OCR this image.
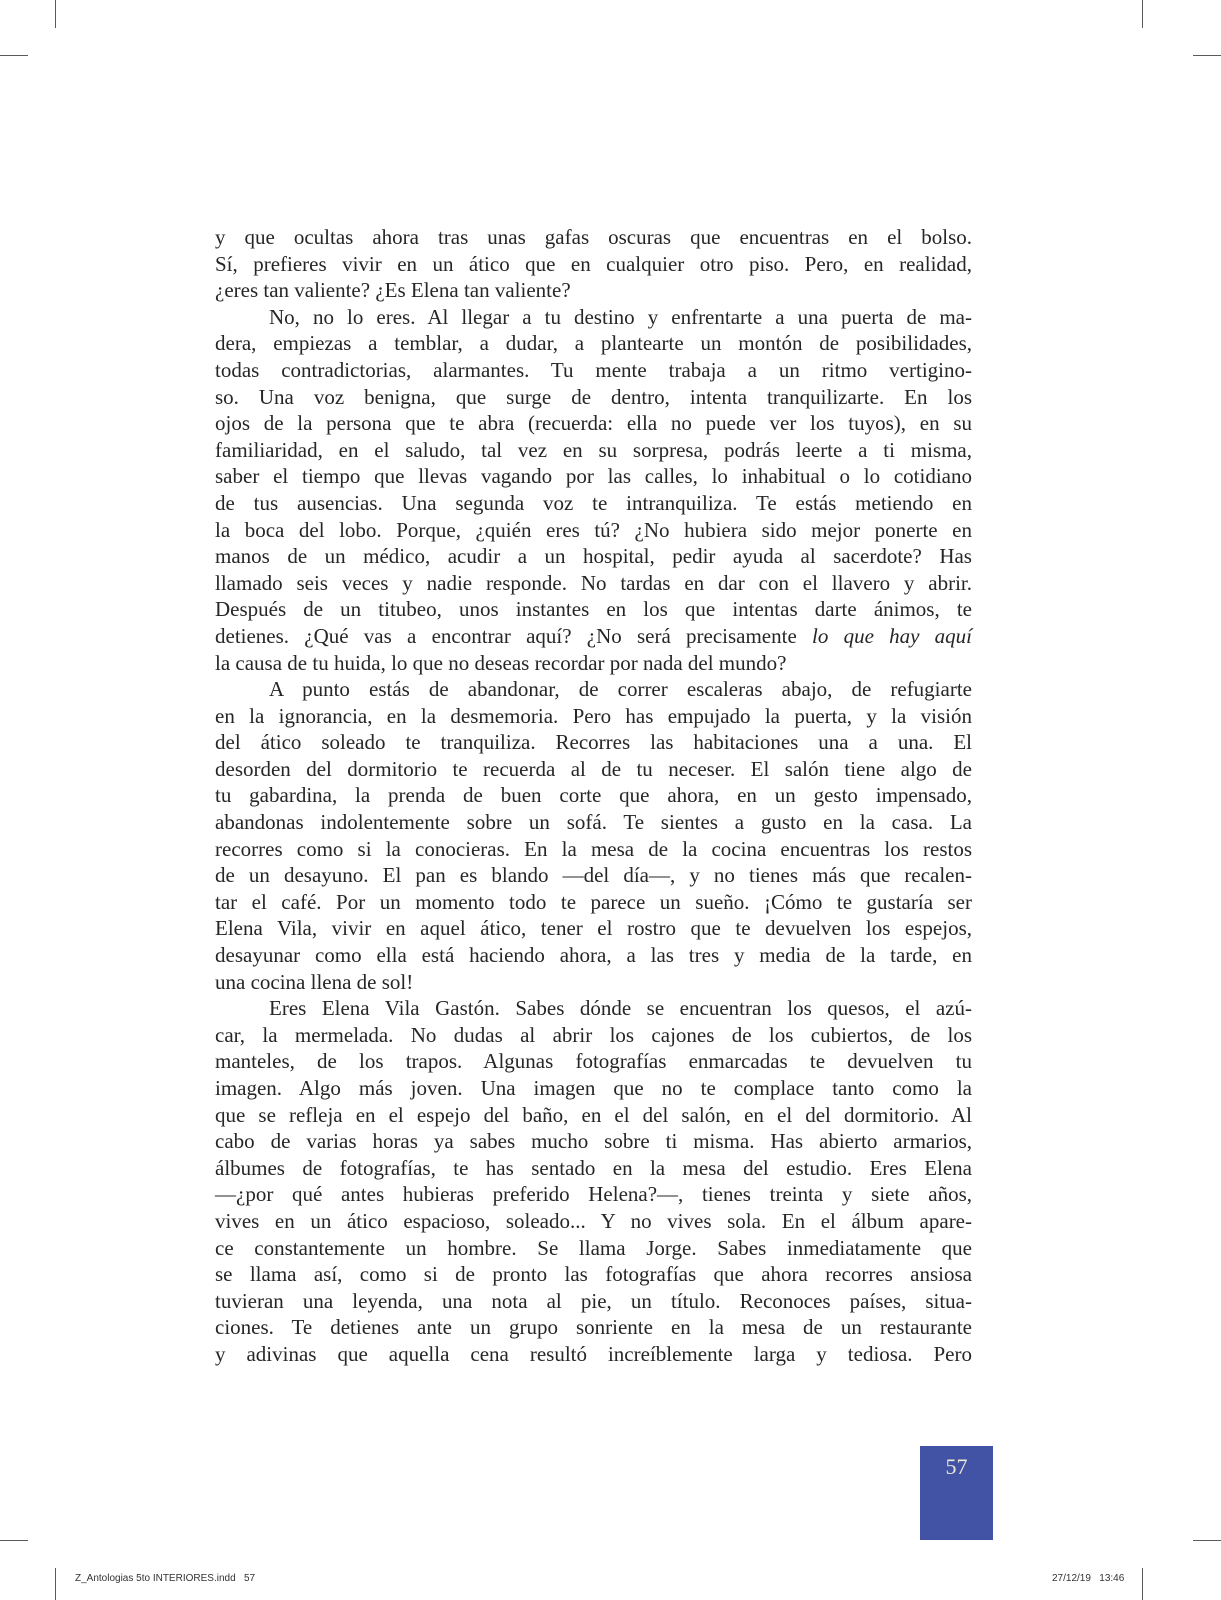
y que ocultas ahora tras unas gafas oscuras que encuentras en el bolso.
Sí, prefieres vivir en un ático que en cualquier otro piso. Pero, en realidad,
¿eres tan valiente? ¿Es Elena tan valiente?
No, no lo eres. Al llegar a tu destino y enfrentarte a una puerta de ma-
dera, empiezas a temblar, a dudar, a plantearte un montón de posibilidades,
todas contradictorias, alarmantes. Tu mente trabaja a un ritmo vertigino-
so. Una voz benigna, que surge de dentro, intenta tranquilizarte. En los
ojos de la persona que te abra (recuerda: ella no puede ver los tuyos), en su
familiaridad, en el saludo, tal vez en su sorpresa, podrás leerte a ti misma,
saber el tiempo que llevas vagando por las calles, lo inhabitual o lo cotidiano
de tus ausencias. Una segunda voz te intranquiliza. Te estás metiendo en
la boca del lobo. Porque, ¿quién eres tú? ¿No hubiera sido mejor ponerte en
manos de un médico, acudir a un hospital, pedir ayuda al sacerdote? Has
llamado seis veces y nadie responde. No tardas en dar con el llavero y abrir.
Después de un titubeo, unos instantes en los que intentas darte ánimos, te
detienes. ¿Qué vas a encontrar aquí? ¿No será precisamente lo que hay aquí
la causa de tu huida, lo que no deseas recordar por nada del mundo?
A punto estás de abandonar, de correr escaleras abajo, de refugiarte
en la ignorancia, en la desmemoria. Pero has empujado la puerta, y la visión
del ático soleado te tranquiliza. Recorres las habitaciones una a una. El
desorden del dormitorio te recuerda al de tu neceser. El salón tiene algo de
tu gabardina, la prenda de buen corte que ahora, en un gesto impensado,
abandonas indolentemente sobre un sofá. Te sientes a gusto en la casa. La
recorres como si la conocieras. En la mesa de la cocina encuentras los restos
de un desayuno. El pan es blando —del día—, y no tienes más que recalen-
tar el café. Por un momento todo te parece un sueño. ¡Cómo te gustaría ser
Elena Vila, vivir en aquel ático, tener el rostro que te devuelven los espejos,
desayunar como ella está haciendo ahora, a las tres y media de la tarde, en
una cocina llena de sol!
Eres Elena Vila Gastón. Sabes dónde se encuentran los quesos, el azú-
car, la mermelada. No dudas al abrir los cajones de los cubiertos, de los
manteles, de los trapos. Algunas fotografías enmarcadas te devuelven tu
imagen. Algo más joven. Una imagen que no te complace tanto como la
que se refleja en el espejo del baño, en el del salón, en el del dormitorio. Al
cabo de varias horas ya sabes mucho sobre ti misma. Has abierto armarios,
álbumes de fotografías, te has sentado en la mesa del estudio. Eres Elena
—¿por qué antes hubieras preferido Helena?—, tienes treinta y siete años,
vives en un ático espacioso, soleado... Y no vives sola. En el álbum apare-
ce constantemente un hombre. Se llama Jorge. Sabes inmediatamente que
se llama así, como si de pronto las fotografías que ahora recorres ansiosa
tuvieran una leyenda, una nota al pie, un título. Reconoces países, situa-
ciones. Te detienes ante un grupo sonriente en la mesa de un restaurante
y adivinas que aquella cena resultó increíblemente larga y tediosa. Pero
57
Z_Antologias 5to INTERIORES.indd   57	27/12/19   13:46
